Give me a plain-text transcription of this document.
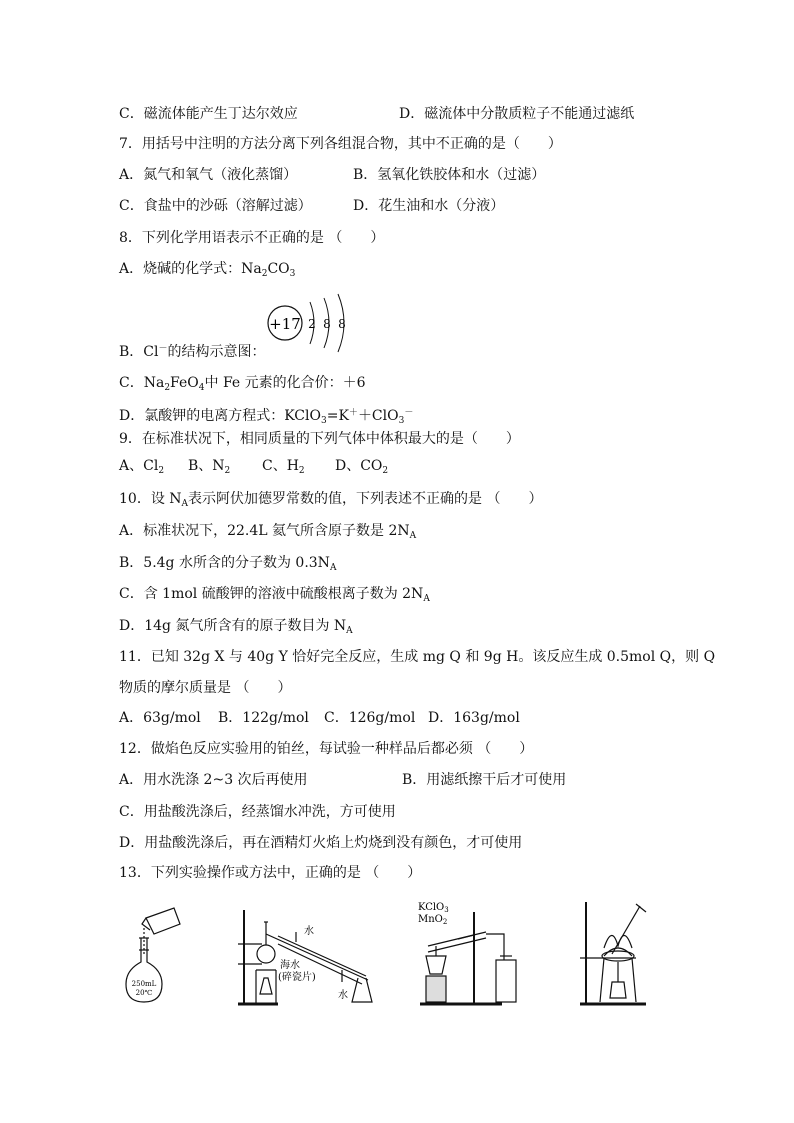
C．磁流体能产生丁达尔效应	D．磁流体中分散质粒子不能通过滤纸
7．用括号中注明的方法分离下列各组混合物，其中不正确的是（　　）
A．氮气和氧气（液化蒸馏）	B．氢氧化铁胶体和水（过滤）
C．食盐中的沙砾（溶解过滤）	D．花生油和水（分液）
8．下列化学用语表示不正确的是 （　　）
A．烧碱的化学式：$Na_2CO_3$
B．Cl－的结构示意图：
+17 2 8 8
C．$Na_2FeO_4$中 Fe 元素的化合价：＋6
D．氯酸钾的电离方程式：KClO$_3$=K＋＋ClO$_3$－
9．在标准状况下，相同质量的下列气体中体积最大的是（　　）
A、$Cl_2$ B、$N_2$ C、$H_2$ D、$CO_2$
10．设 $N_A$表示阿伏加德罗常数的值，下列表述不正确的是 （　　）
A．标准状况下，22.4L 氦气所含原子数是 $2N_A$
B．5.4g 水所含的分子数为 $0.3N_A$
C．含 1mol 硫酸钾的溶液中硫酸根离子数为 $2N_A$
D．14g 氮气所含有的原子数目为 $N_A$
11．已知 32g X 与 40g Y 恰好完全反应，生成 mg Q 和 9g H。该反应生成 0.5mol Q，则 Q
物质的摩尔质量是 （　　）
A．63g/mol B．122g/mol C．126g/mol D．163g/mol
12．做焰色反应实验用的铂丝，每试验一种样品后都必须 （　　）
A．用水洗涤 2~3 次后再使用	B．用滤纸擦干后才可使用
C．用盐酸洗涤后，经蒸馏水冲洗，方可使用
D．用盐酸洗涤后，再在酒精灯火焰上灼烧到没有颜色，才可使用
13．下列实验操作或方法中，正确的是 （　　）
250mL
20℃
水
海水
(碎瓷片)
水
KClO$_3$
MnO$_2$
